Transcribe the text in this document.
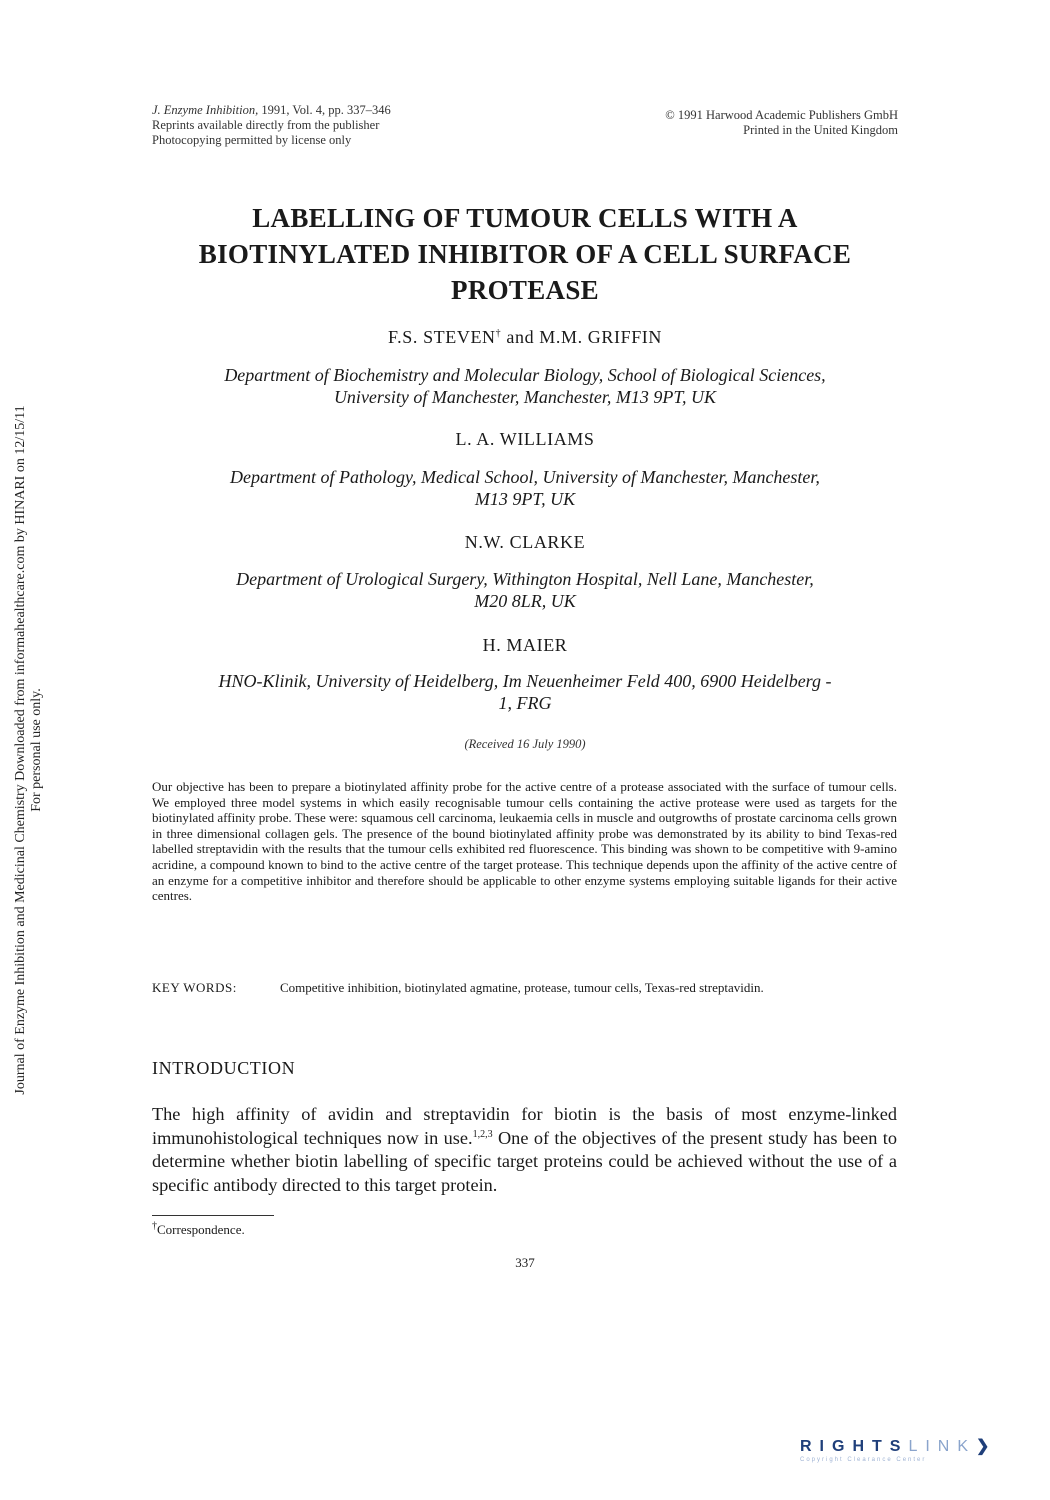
J. Enzyme Inhibition, 1991, Vol. 4, pp. 337–346
Reprints available directly from the publisher
Photocopying permitted by license only
© 1991 Harwood Academic Publishers GmbH
Printed in the United Kingdom
LABELLING OF TUMOUR CELLS WITH A
BIOTINYLATED INHIBITOR OF A CELL SURFACE
PROTEASE
F.S. STEVEN† and M.M. GRIFFIN
Department of Biochemistry and Molecular Biology, School of Biological Sciences,
University of Manchester, Manchester, M13 9PT, UK
L. A. WILLIAMS
Department of Pathology, Medical School, University of Manchester, Manchester,
M13 9PT, UK
N.W. CLARKE
Department of Urological Surgery, Withington Hospital, Nell Lane, Manchester,
M20 8LR, UK
H. MAIER
HNO-Klinik, University of Heidelberg, Im Neuenheimer Feld 400, 6900 Heidelberg -
1, FRG
(Received 16 July 1990)
Our objective has been to prepare a biotinylated affinity probe for the active centre of a protease associated with the surface of tumour cells. We employed three model systems in which easily recognisable tumour cells containing the active protease were used as targets for the biotinylated affinity probe. These were: squamous cell carcinoma, leukaemia cells in muscle and outgrowths of prostate carcinoma cells grown in three dimensional collagen gels. The presence of the bound biotinylated affinity probe was demonstrated by its ability to bind Texas-red labelled streptavidin with the results that the tumour cells exhibited red fluorescence. This binding was shown to be competitive with 9-amino acridine, a compound known to bind to the active centre of the target protease. This technique depends upon the affinity of the active centre of an enzyme for a competitive inhibitor and therefore should be applicable to other enzyme systems employing suitable ligands for their active centres.
KEY WORDS:	Competitive inhibition, biotinylated agmatine, protease, tumour cells, Texas-red streptavidin.
INTRODUCTION
The high affinity of avidin and streptavidin for biotin is the basis of most enzyme-linked immunohistological techniques now in use.$^{1,2,3}$ One of the objectives of the present study has been to determine whether biotin labelling of specific target proteins could be achieved without the use of a specific antibody directed to this target protein.
†Correspondence.
337
Journal of Enzyme Inhibition and Medicinal Chemistry Downloaded from informahealthcare.com by HINARI on 12/15/11 For personal use only.
RIGHTSLINK❯
Copyright Clearance Center
